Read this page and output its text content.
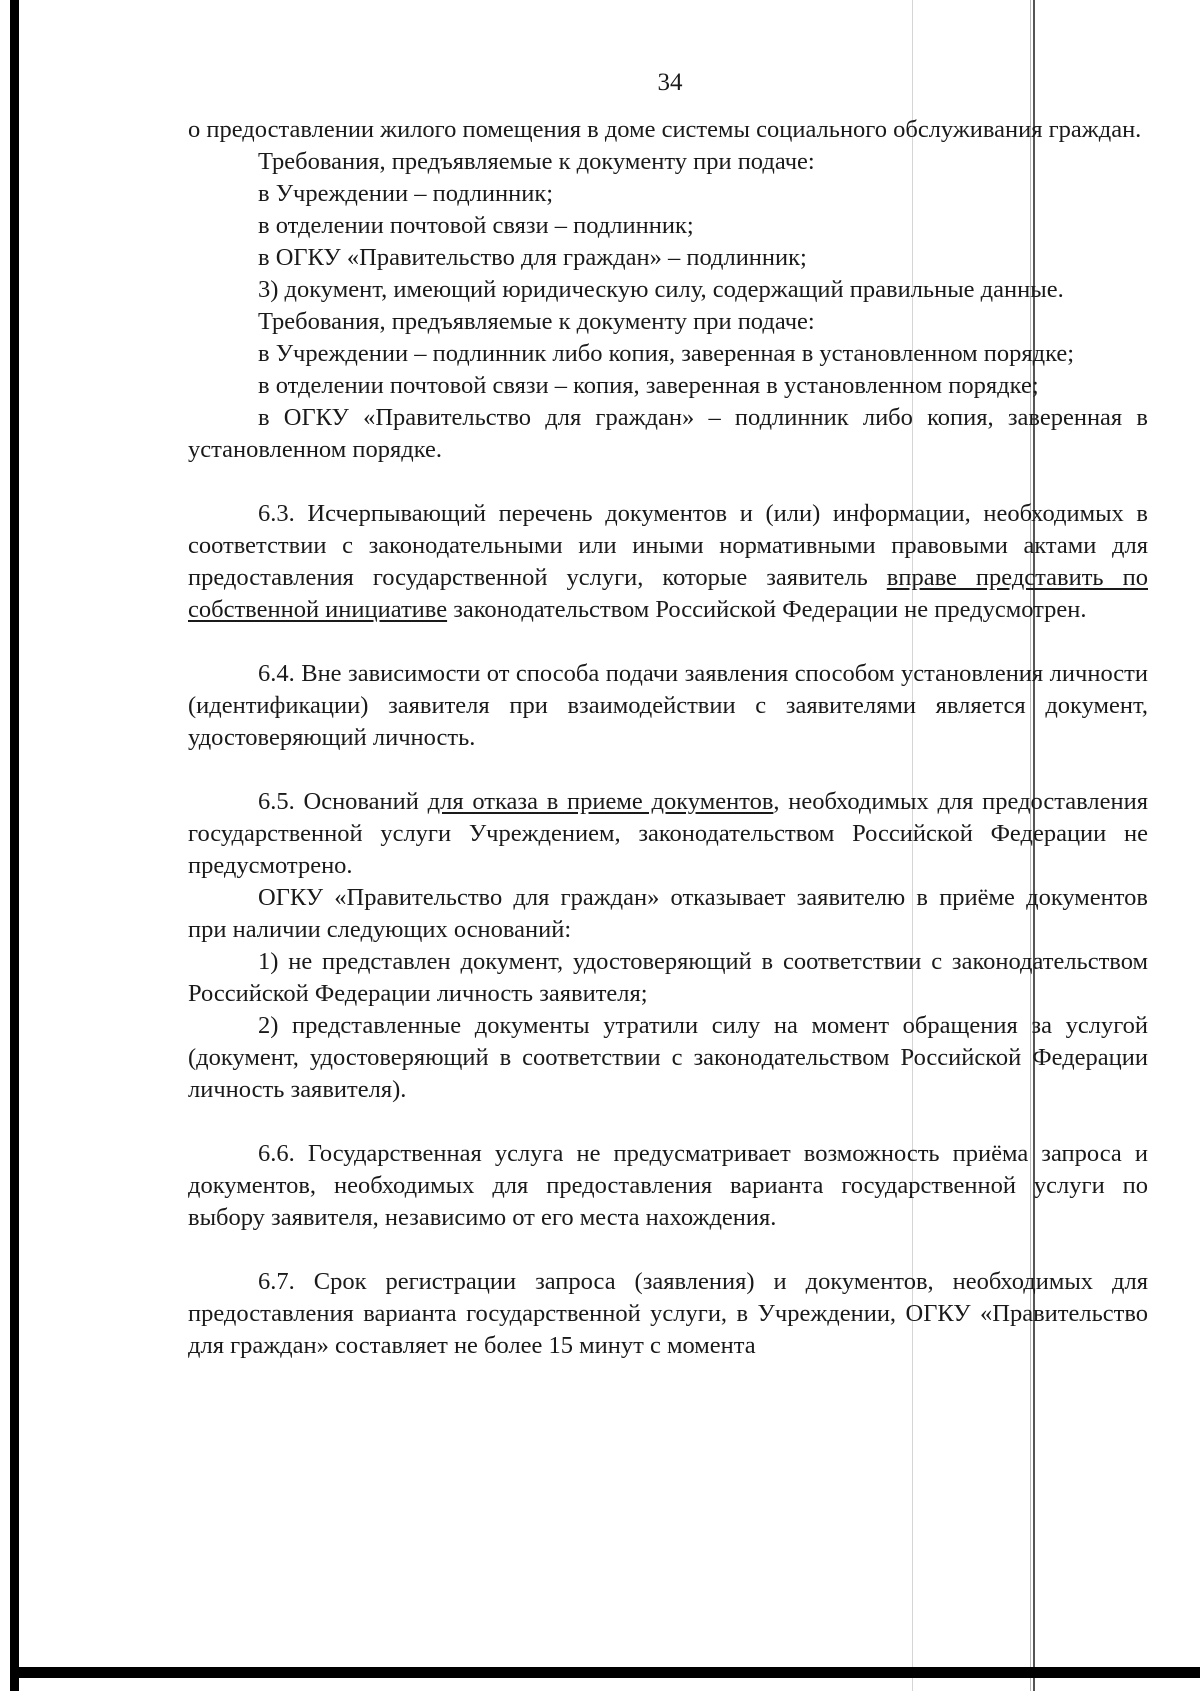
34

о предоставлении жилого помещения в доме системы социального обслуживания граждан.

Требования, предъявляемые к документу при подаче:

в Учреждении – подлинник;

в отделении почтовой связи – подлинник;

в ОГКУ «Правительство для граждан» – подлинник;

3) документ, имеющий юридическую силу, содержащий правильные данные.

Требования, предъявляемые к документу при подаче:

в Учреждении – подлинник либо копия, заверенная в установленном порядке;

в отделении почтовой связи – копия, заверенная в установленном порядке;

в ОГКУ «Правительство для граждан» – подлинник либо копия, заверенная в установленном порядке.

6.3. Исчерпывающий перечень документов и (или) информации, необходимых в соответствии с законодательными или иными нормативными правовыми актами для предоставления государственной услуги, которые заявитель вправе представить по собственной инициативе законодательством Российской Федерации не предусмотрен.

6.4. Вне зависимости от способа подачи заявления способом установления личности (идентификации) заявителя при взаимодействии с заявителями является документ, удостоверяющий личность.

6.5. Оснований для отказа в приеме документов, необходимых для предоставления государственной услуги Учреждением, законодательством Российской Федерации не предусмотрено.

ОГКУ «Правительство для граждан» отказывает заявителю в приёме документов при наличии следующих оснований:

1) не представлен документ, удостоверяющий в соответствии с законодательством Российской Федерации личность заявителя;

2) представленные документы утратили силу на момент обращения за услугой (документ, удостоверяющий в соответствии с законодательством Российской Федерации личность заявителя).

6.6. Государственная услуга не предусматривает возможность приёма запроса и документов, необходимых для предоставления варианта государственной услуги по выбору заявителя, независимо от его места нахождения.

6.7. Срок регистрации запроса (заявления) и документов, необходимых для предоставления варианта государственной услуги, в Учреждении, ОГКУ «Правительство для граждан» составляет не более 15 минут с момента
